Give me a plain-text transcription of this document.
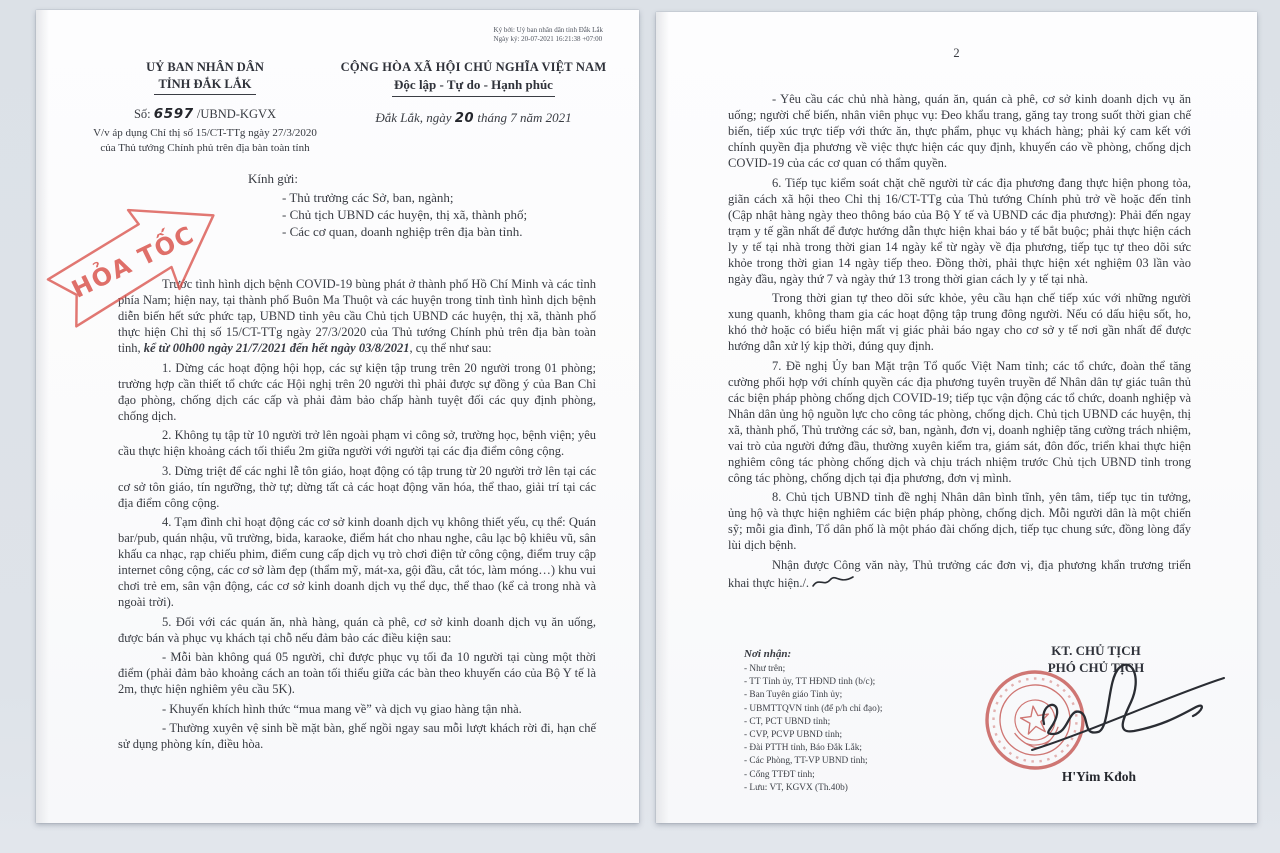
Ký bởi: Uỷ ban nhân dân tỉnh Đắk Lắk
Ngày ký: 20-07-2021 16:21:38 +07:00
UỶ BAN NHÂN DÂN
TỈNH ĐẮK LẮK
Số: 6597 /UBND-KGVX
V/v áp dụng Chỉ thị số 15/CT-TTg ngày 27/3/2020 của Thủ tướng Chính phủ trên địa bàn toàn tỉnh
CỘNG HÒA XÃ HỘI CHỦ NGHĨA VIỆT NAM
Độc lập - Tự do - Hạnh phúc
Đắk Lắk, ngày 20 tháng 7 năm 2021
Kính gửi:
- Thủ trưởng các Sở, ban, ngành;
- Chủ tịch UBND các huyện, thị xã, thành phố;
- Các cơ quan, doanh nghiệp trên địa bàn tỉnh.
HỎA TỐC

Trước tình hình dịch bệnh COVID-19 bùng phát ở thành phố Hồ Chí Minh và các tỉnh phía Nam; hiện nay, tại thành phố Buôn Ma Thuột và các huyện trong tỉnh tình hình dịch bệnh diễn biến hết sức phức tạp, UBND tỉnh yêu cầu Chủ tịch UBND các huyện, thị xã, thành phố thực hiện Chỉ thị số 15/CT-TTg ngày 27/3/2020 của Thủ tướng Chính phủ trên địa bàn toàn tỉnh, kể từ 00h00 ngày 21/7/2021 đến hết ngày 03/8/2021, cụ thể như sau:

1. Dừng các hoạt động hội họp, các sự kiện tập trung trên 20 người trong 01 phòng; trường hợp cần thiết tổ chức các Hội nghị trên 20 người thì phải được sự đồng ý của Ban Chỉ đạo phòng, chống dịch các cấp và phải đảm bảo chấp hành tuyệt đối các quy định phòng, chống dịch.

2. Không tụ tập từ 10 người trở lên ngoài phạm vi công sở, trường học, bệnh viện; yêu cầu thực hiện khoảng cách tối thiểu 2m giữa người với người tại các địa điểm công cộng.

3. Dừng triệt để các nghi lễ tôn giáo, hoạt động có tập trung từ 20 người trở lên tại các cơ sở tôn giáo, tín ngưỡng, thờ tự; dừng tất cả các hoạt động văn hóa, thể thao, giải trí tại các địa điểm công cộng.

4. Tạm đình chỉ hoạt động các cơ sở kinh doanh dịch vụ không thiết yếu, cụ thể: Quán bar/pub, quán nhậu, vũ trường, bida, karaoke, điểm hát cho nhau nghe, câu lạc bộ khiêu vũ, sân khấu ca nhạc, rạp chiếu phim, điểm cung cấp dịch vụ trò chơi điện tử công cộng, điểm truy cập internet công cộng, các cơ sở làm đẹp (thẩm mỹ, mát-xa, gội đầu, cắt tóc, làm móng…) khu vui chơi trẻ em, sân vận động, các cơ sở kinh doanh dịch vụ thể dục, thể thao (kể cả trong nhà và ngoài trời).

5. Đối với các quán ăn, nhà hàng, quán cà phê, cơ sở kinh doanh dịch vụ ăn uống, được bán và phục vụ khách tại chỗ nếu đảm bảo các điều kiện sau:

- Mỗi bàn không quá 05 người, chỉ được phục vụ tối đa 10 người tại cùng một thời điểm (phải đảm bảo khoảng cách an toàn tối thiểu giữa các bàn theo khuyến cáo của Bộ Y tế là 2m, thực hiện nghiêm yêu cầu 5K).

- Khuyến khích hình thức “mua mang về” và dịch vụ giao hàng tận nhà.

- Thường xuyên vệ sinh bề mặt bàn, ghế ngồi ngay sau mỗi lượt khách rời đi, hạn chế sử dụng phòng kín, điều hòa.

2

- Yêu cầu các chủ nhà hàng, quán ăn, quán cà phê, cơ sở kinh doanh dịch vụ ăn uống; người chế biến, nhân viên phục vụ: Đeo khẩu trang, găng tay trong suốt thời gian chế biến, tiếp xúc trực tiếp với thức ăn, thực phẩm, phục vụ khách hàng; phải ký cam kết với chính quyền địa phương về việc thực hiện các quy định, khuyến cáo về phòng, chống dịch COVID-19 của các cơ quan có thẩm quyền.

6. Tiếp tục kiểm soát chặt chẽ người từ các địa phương đang thực hiện phong tỏa, giãn cách xã hội theo Chỉ thị 16/CT-TTg của Thủ tướng Chính phủ trở về hoặc đến tỉnh (Cập nhật hàng ngày theo thông báo của Bộ Y tế và UBND các địa phương): Phải đến ngay trạm y tế gần nhất để được hướng dẫn thực hiện khai báo y tế bắt buộc; phải thực hiện cách ly y tế tại nhà trong thời gian 14 ngày kể từ ngày về địa phương, tiếp tục tự theo dõi sức khỏe trong thời gian 14 ngày tiếp theo. Đồng thời, phải thực hiện xét nghiệm 03 lần vào ngày đầu, ngày thứ 7 và ngày thứ 13 trong thời gian cách ly y tế tại nhà.

Trong thời gian tự theo dõi sức khỏe, yêu cầu hạn chế tiếp xúc với những người xung quanh, không tham gia các hoạt động tập trung đông người. Nếu có dấu hiệu sốt, ho, khó thở hoặc có biểu hiện mất vị giác phải báo ngay cho cơ sở y tế nơi gần nhất để được hướng dẫn xử lý kịp thời, đúng quy định.

7. Đề nghị Ủy ban Mặt trận Tổ quốc Việt Nam tỉnh; các tổ chức, đoàn thể tăng cường phối hợp với chính quyền các địa phương tuyên truyền để Nhân dân tự giác tuân thủ các biện pháp phòng chống dịch COVID-19; tiếp tục vận động các tổ chức, doanh nghiệp và Nhân dân ủng hộ nguồn lực cho công tác phòng, chống dịch. Chủ tịch UBND các huyện, thị xã, thành phố, Thủ trưởng các sở, ban, ngành, đơn vị, doanh nghiệp tăng cường trách nhiệm, vai trò của người đứng đầu, thường xuyên kiểm tra, giám sát, đôn đốc, triển khai thực hiện nghiêm công tác phòng chống dịch và chịu trách nhiệm trước Chủ tịch UBND tỉnh trong công tác phòng, chống dịch tại địa phương, đơn vị mình.

8. Chủ tịch UBND tỉnh đề nghị Nhân dân bình tĩnh, yên tâm, tiếp tục tin tưởng, ủng hộ và thực hiện nghiêm các biện pháp phòng, chống dịch. Mỗi người dân là một chiến sỹ; mỗi gia đình, Tổ dân phố là một pháo đài chống dịch, tiếp tục chung sức, đồng lòng đẩy lùi dịch bệnh.

Nhận được Công văn này, Thủ trưởng các đơn vị, địa phương khẩn trương triển khai thực hiện./.

Nơi nhận:
- Như trên;
- TT Tỉnh ủy, TT HĐND tỉnh (b/c);
- Ban Tuyên giáo Tỉnh ủy;
- UBMTTQVN tỉnh (để p/h chỉ đạo);
- CT, PCT UBND tỉnh;
- CVP, PCVP UBND tỉnh;
- Đài PTTH tỉnh, Báo Đắk Lắk;
- Các Phòng, TT-VP UBND tỉnh;
- Cổng TTĐT tỉnh;
- Lưu: VT, KGVX (Th.40b)
KT. CHỦ TỊCH
PHÓ CHỦ TỊCH
H'Yim Kđoh
